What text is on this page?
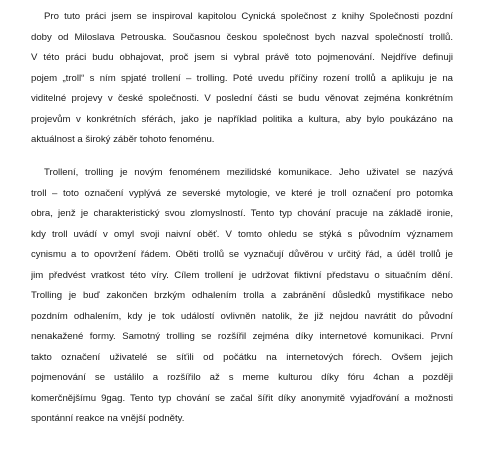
Pro tuto práci jsem se inspiroval kapitolou Cynická společnost z knihy Společnosti pozdní
doby od Miloslava Petrouska. Současnou českou společnost bych nazval společností trollů.
V této práci budu obhajovat, proč jsem si vybral právě toto pojmenování. Nejdříve definuji
pojem „troll“ s ním spjaté trollení – trolling. Poté uvedu příčiny rození trollů a aplikuju je na
viditelné projevy v české společnosti. V poslední části se budu věnovat zejména konkrétním
projevům v konkrétních sférách, jako je například politika a kultura, aby bylo poukázáno na
aktuálnost a široký záběr tohoto fenoménu.
Trollení, trolling je novým fenoménem mezilidské komunikace. Jeho uživatel se nazývá
troll – toto označení vyplývá ze severské mytologie, ve které je troll označení pro potomka
obra, jenž je charakteristický svou zlomyslností. Tento typ chování pracuje na základě ironie,
kdy troll uvádí v omyl svoji naivní oběť. V tomto ohledu se stýká s původním významem
cynismu a to opovržení řádem. Oběti trollů se vyznačují důvěrou v určitý řád, a úděl trollů je
jim předvést vratkost této víry. Cílem trollení je udržovat fiktivní představu o situačním dění.
Trolling je buď zakončen brzkým odhalením trolla a zabránění důsledků mystifikace nebo
pozdním odhalením, kdy je tok událostí ovlivněn natolik, že již nejdou navrátit do původní
nenakažené formy. Samotný trolling se rozšířil zejména díky internetové komunikaci. První
takto označení uživatelé se síťili od počátku na internetových fórech. Ovšem jejich
pojmenování se ustálilo a rozšířilo až s meme kulturou díky fóru 4chan a později
komerčnějšímu 9gag. Tento typ chování se začal šířit díky anonymitě vyjadřování a možnosti
spontánní reakce na vnější podněty.
